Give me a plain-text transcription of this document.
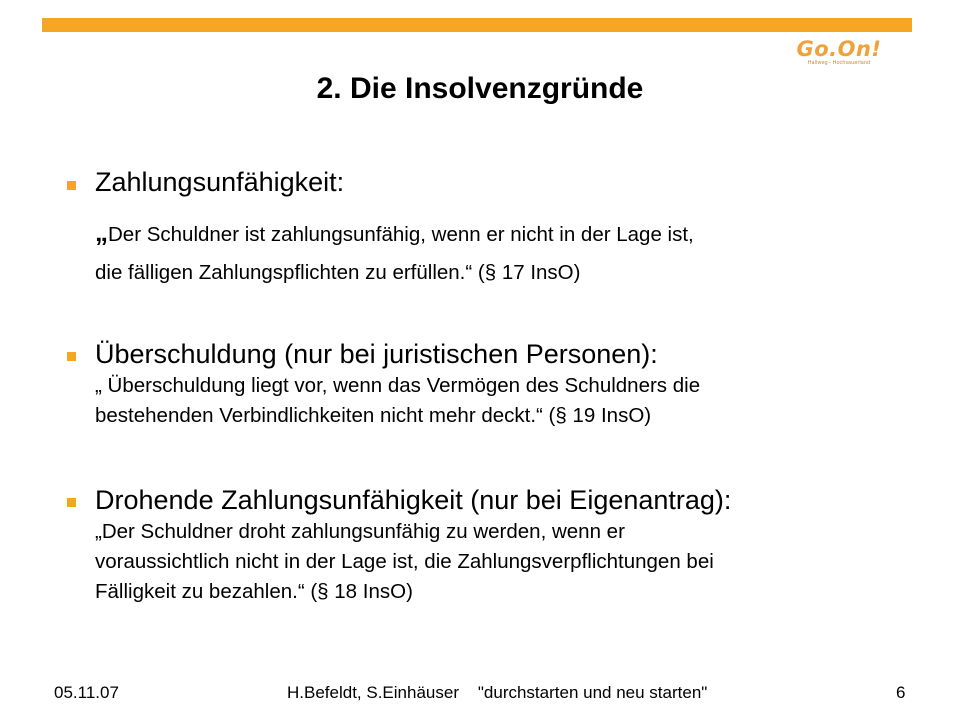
Go.On!
Hallweg - Hochsauerland
2. Die Insolvenzgründe
Zahlungsunfähigkeit:
„Der Schuldner ist zahlungsunfähig, wenn er nicht in der Lage ist,
die fälligen Zahlungspflichten zu erfüllen.“ (§ 17 InsO)
Überschuldung (nur bei juristischen Personen):
„ Überschuldung liegt vor, wenn das Vermögen des Schuldners die
bestehenden Verbindlichkeiten nicht mehr deckt.“ (§ 19 InsO)
Drohende Zahlungsunfähigkeit (nur bei Eigenantrag):
„Der Schuldner droht zahlungsunfähig zu werden, wenn er
voraussichtlich nicht in der Lage ist, die Zahlungsverpflichtungen bei
Fälligkeit zu bezahlen.“ (§ 18 InsO)
05.11.07	H.Befeldt, S.Einhäuser    "durchstarten und neu starten"	6
